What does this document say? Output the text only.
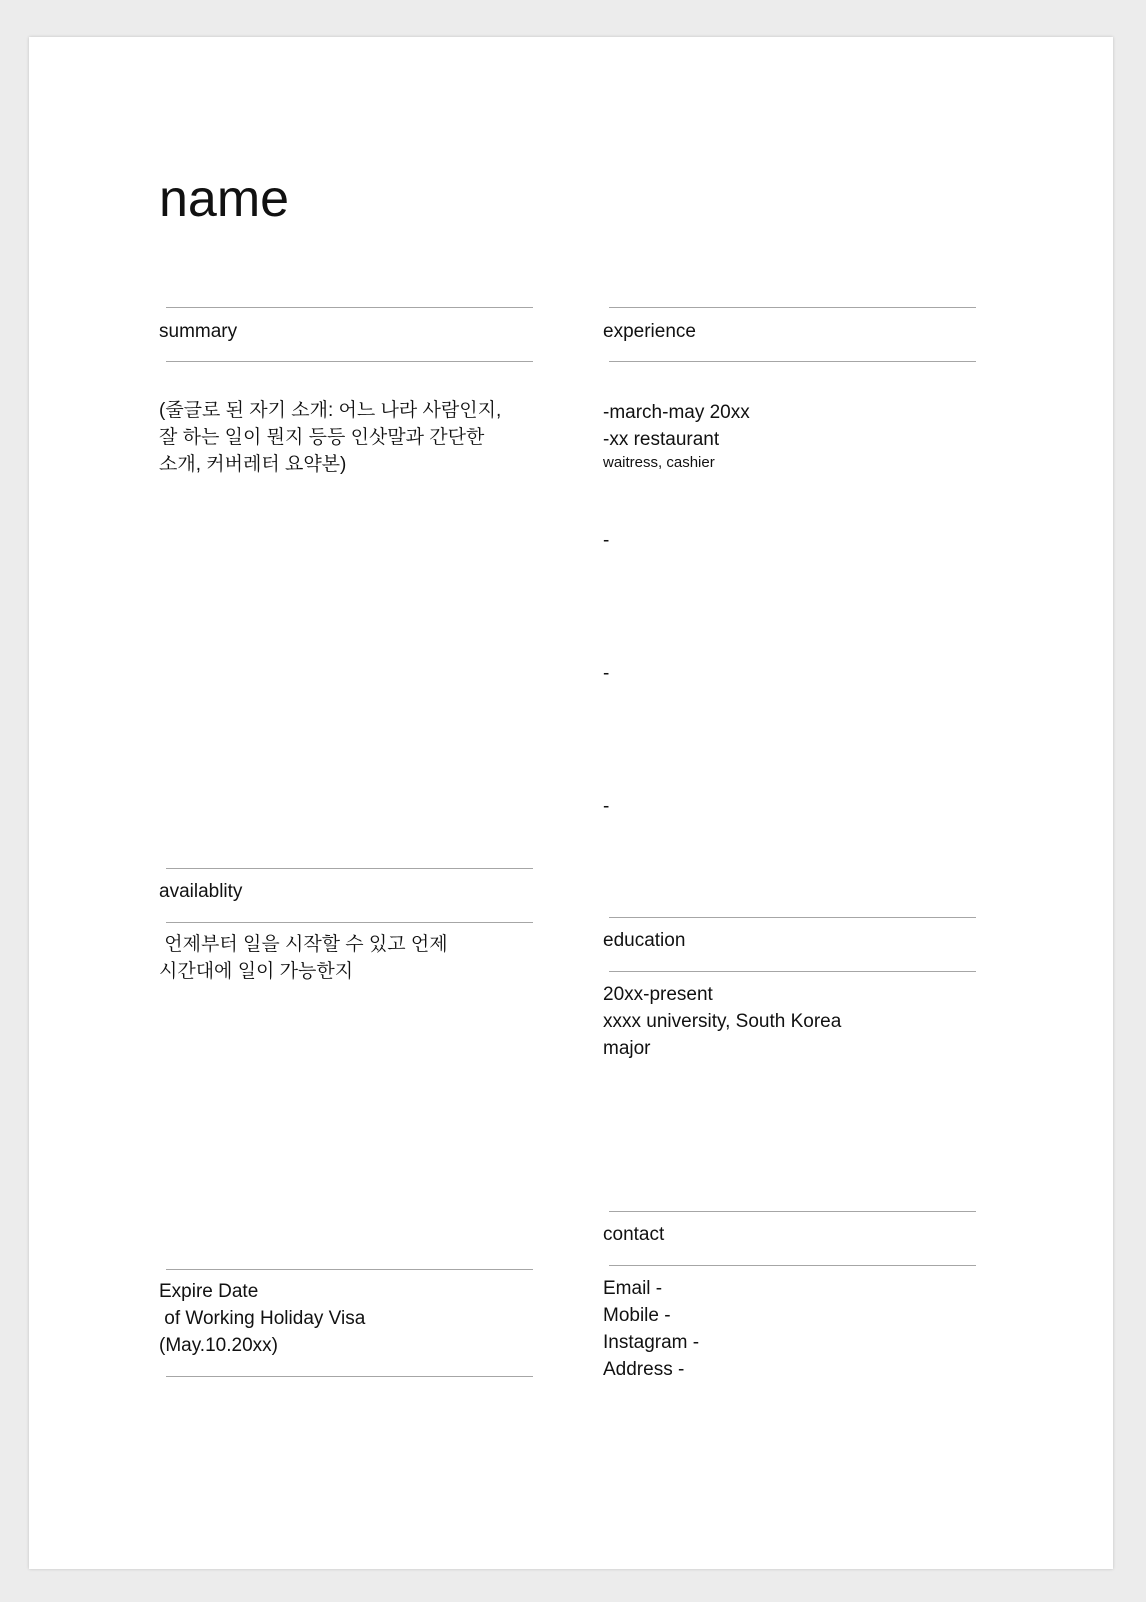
name
summary
(줄글로 된 자기 소개: 어느 나라 사람인지,
잘 하는 일이 뭔지 등등 인삿말과 간단한
소개, 커버레터 요약본)
availablity
언제부터 일을 시작할 수 있고 언제
시간대에 일이 가능한지
Expire Date
of Working Holiday Visa
(May.10.20xx)
experience
-march-may 20xx
-xx restaurant
waitress, cashier
-
-
-
education
20xx-present
xxxx university, South Korea
major
contact
Email -
Mobile -
Instagram -
Address -
